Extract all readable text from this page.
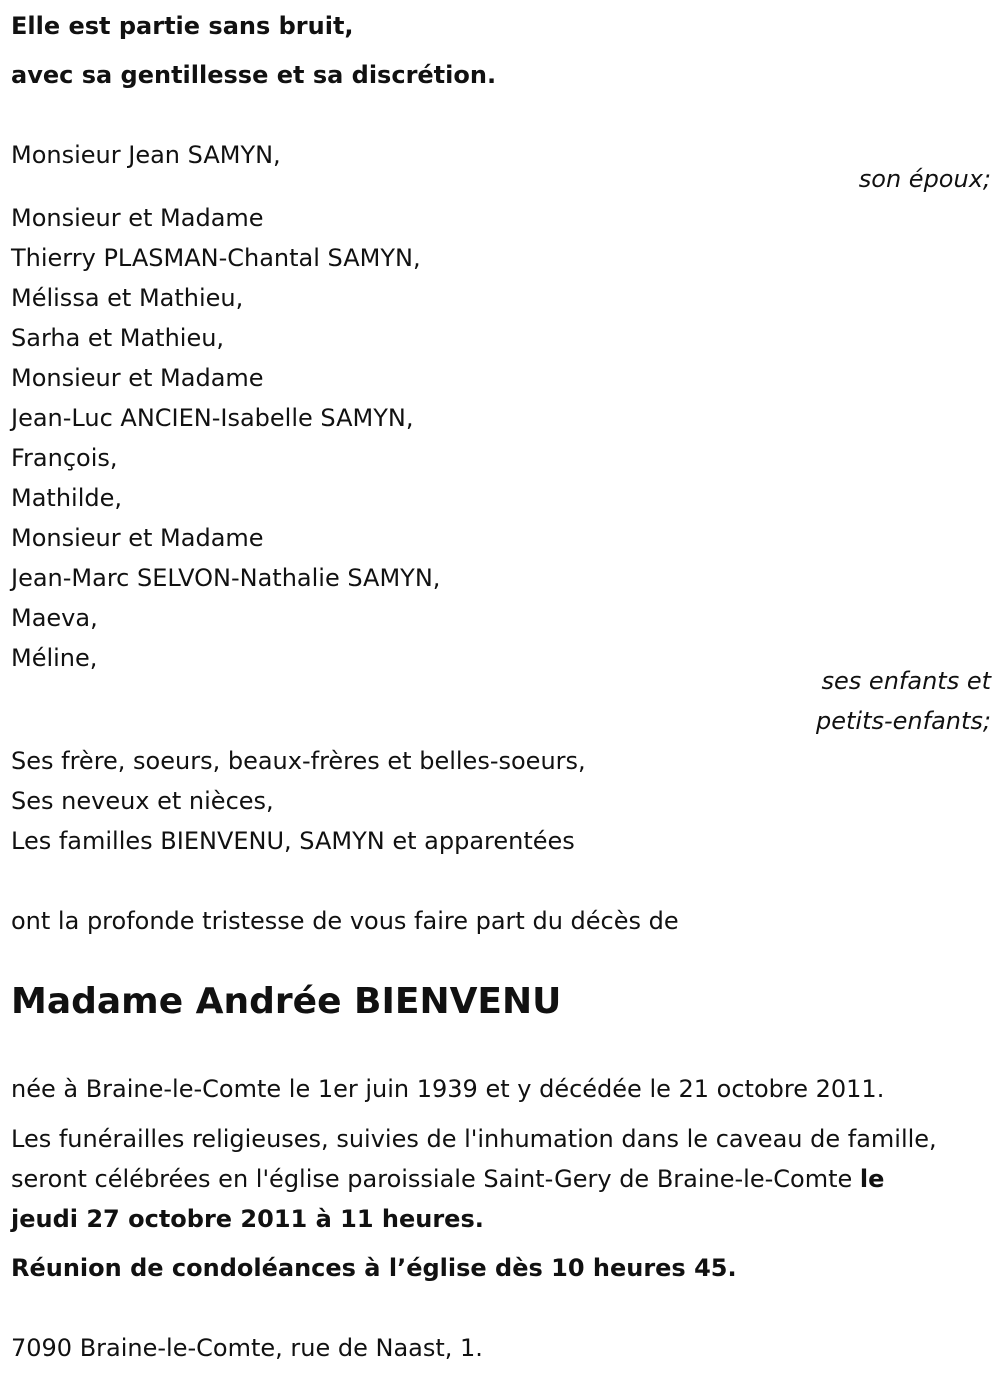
Elle est partie sans bruit,
avec sa gentillesse et sa discrétion.
Monsieur Jean SAMYN,
son époux;
Monsieur et Madame
Thierry PLASMAN-Chantal SAMYN,
Mélissa et Mathieu,
Sarha et Mathieu,
Monsieur et Madame
Jean-Luc ANCIEN-Isabelle SAMYN,
François,
Mathilde,
Monsieur et Madame
Jean-Marc SELVON-Nathalie SAMYN,
Maeva,
Méline,
ses enfants et
petits-enfants;
Ses frère, soeurs, beaux-frères et belles-soeurs,
Ses neveux et nièces,
Les familles BIENVENU, SAMYN et apparentées
ont la profonde tristesse de vous faire part du décès de
Madame Andrée BIENVENU
née à Braine-le-Comte le 1er juin 1939 et y décédée le 21 octobre 2011.
Les funérailles religieuses, suivies de l'inhumation dans le caveau de famille, seront célébrées en l'église paroissiale Saint-Gery de Braine-le-Comte le jeudi 27 octobre 2011 à 11 heures.
Réunion de condoléances à l’église dès 10 heures 45.
7090 Braine-le-Comte, rue de Naast, 1.
